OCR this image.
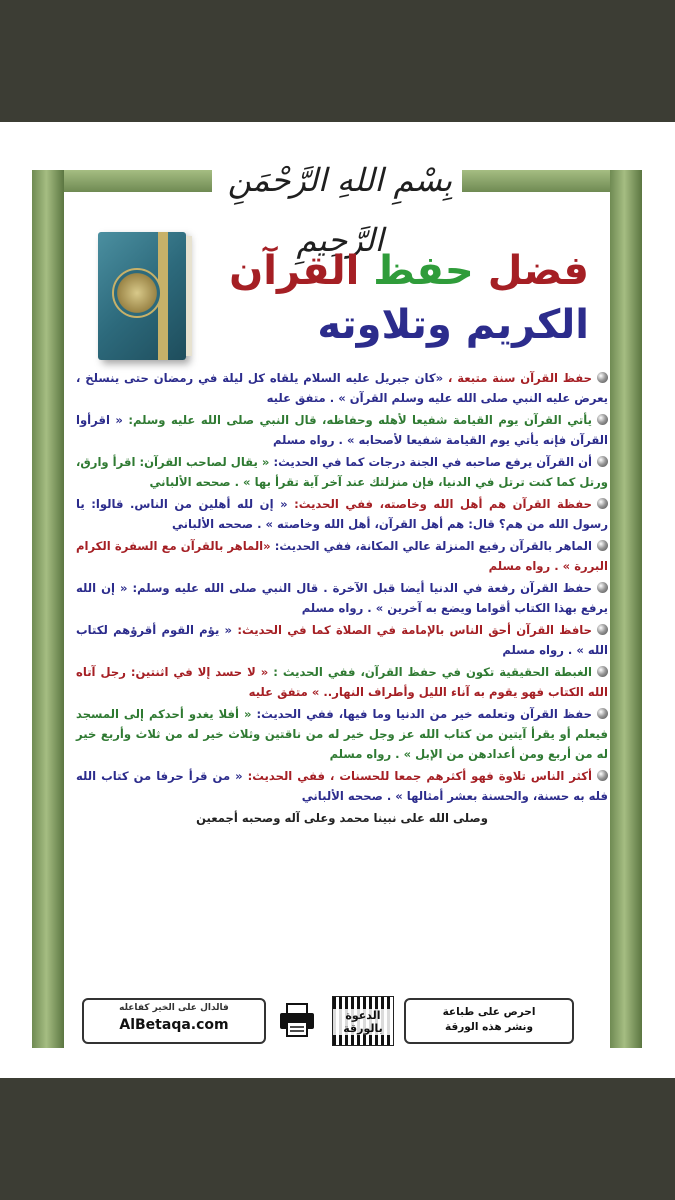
بِسْمِ اللهِ الرَّحْمَنِ الرَّحِيمِ
فضل حفظ القرآن
الكريم وتلاوته
حفظ القرآن سنة متبعة ، «كان جبريل عليه السلام يلقاه كل ليلة في رمضان حتى ينسلخ ، يعرض عليه النبي صلى الله عليه وسلم القرآن » . متفق عليه
يأتي القرآن يوم القيامة شفيعا لأهله وحفاظه، قال النبي صلى الله عليه وسلم: « اقرأوا القرآن فإنه يأتي يوم القيامة شفيعا لأصحابه » . رواه مسلم
أن القرآن يرفع صاحبه في الجنة درجات كما في الحديث: « يقال لصاحب القرآن: اقرأ وارق، ورتل كما كنت ترتل في الدنيا، فإن منزلتك عند آخر آية تقرأ بها » . صححه الألباني
حفظة القرآن هم أهل الله وخاصته، ففي الحديث: « إن لله أهلين من الناس. قالوا: يا رسول الله من هم؟ قال: هم أهل القرآن، أهل الله وخاصته » . صححه الألباني
الماهر بالقرآن رفيع المنزلة عالي المكانة، ففي الحديث: «الماهر بالقرآن مع السفرة الكرام البررة » . رواه مسلم
حفظ القرآن رفعة في الدنيا أيضا قبل الآخرة . قال النبي صلى الله عليه وسلم: « إن الله يرفع بهذا الكتاب أقواما ويضع به آخرين » . رواه مسلم
حافظ القرآن أحق الناس بالإمامة في الصلاة كما في الحديث: « يؤم القوم أقرؤهم لكتاب الله » . رواه مسلم
الغبطة الحقيقية تكون في حفظ القرآن، ففي الحديث : « لا حسد إلا في اثنتين: رجل آتاه الله الكتاب فهو يقوم به آناء الليل وأطراف النهار.. » متفق عليه
حفظ القرآن وتعلمه خير من الدنيا وما فيها، ففي الحديث: « أفلا يغدو أحدكم إلى المسجد فيعلم أو يقرأ آيتين من كتاب الله عز وجل خير له من ناقتين وثلاث خير له من ثلاث وأربع خير له من أربع ومن أعدادهن من الإبل » . رواه مسلم
أكثر الناس تلاوة فهو أكثرهم جمعا للحسنات ، ففي الحديث: « من قرأ حرفا من كتاب الله فله به حسنة، والحسنة بعشر أمثالها » . صححه الألباني
وصلى الله على نبينا محمد وعلى آله وصحبه أجمعين
فالدال على الخير كفاعله
AlBetaqa.com
الدعوة بالورقة
احرص على طباعة
ونشر هذه الورقة
